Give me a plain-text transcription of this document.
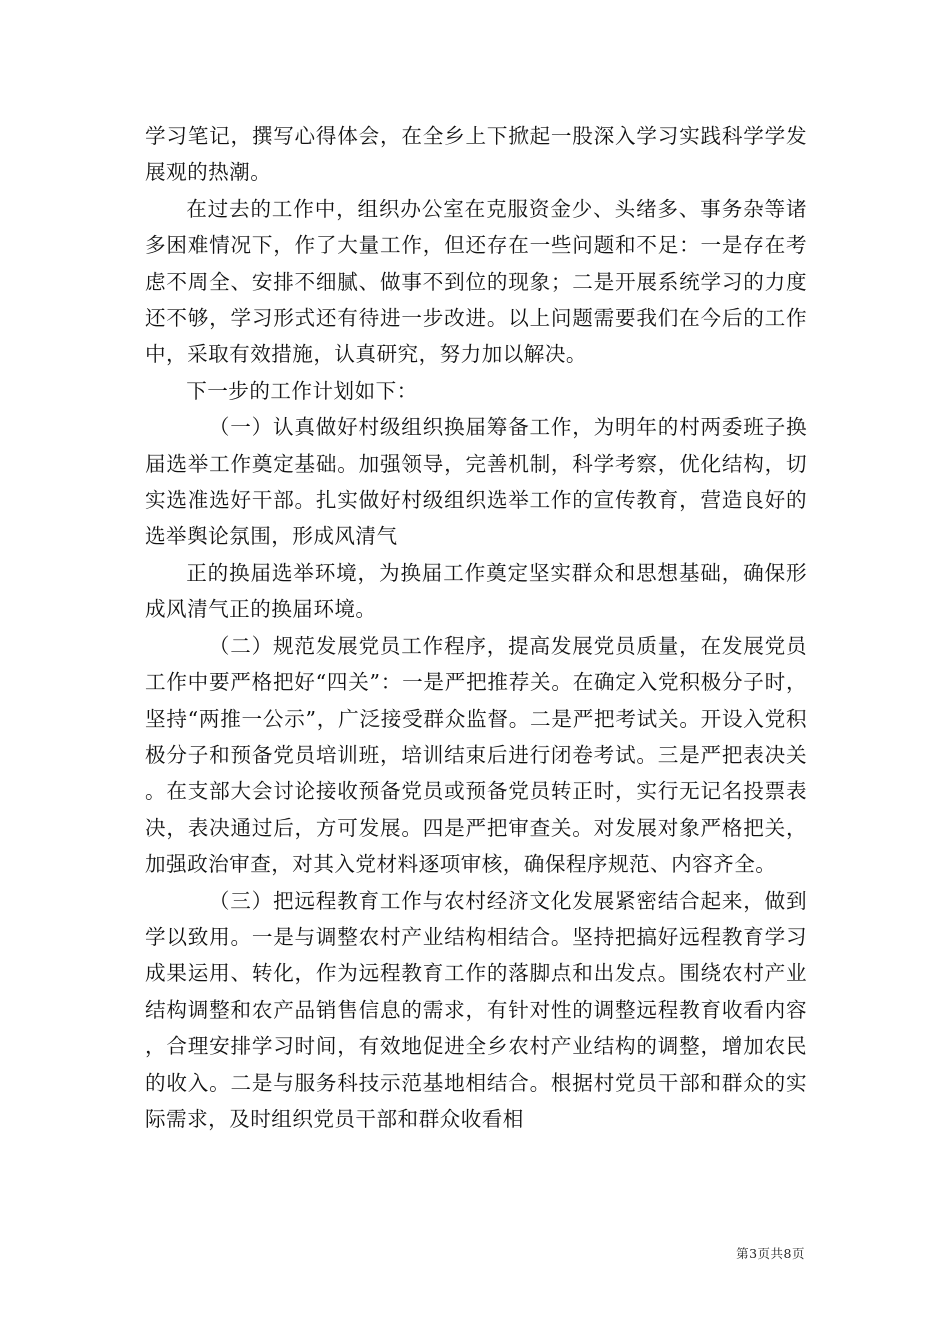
学习笔记，撰写心得体会，在全乡上下掀起一股深入学习实践科学学发展观的热潮。

在过去的工作中，组织办公室在克服资金少、头绪多、事务杂等诸多困难情况下，作了大量工作，但还存在一些问题和不足：一是存在考虑不周全、安排不细腻、做事不到位的现象；二是开展系统学习的力度还不够，学习形式还有待进一步改进。以上问题需要我们在今后的工作中，采取有效措施，认真研究，努力加以解决。

下一步的工作计划如下：

（一）认真做好村级组织换届筹备工作，为明年的村两委班子换届选举工作奠定基础。加强领导，完善机制，科学考察，优化结构，切实选准选好干部。扎实做好村级组织选举工作的宣传教育，营造良好的选举舆论氛围，形成风清气

正的换届选举环境，为换届工作奠定坚实群众和思想基础，确保形成风清气正的换届环境。

（二）规范发展党员工作程序，提高发展党员质量，在发展党员工作中要严格把好“四关”：一是严把推荐关。在确定入党积极分子时，坚持“两推一公示”，广泛接受群众监督。二是严把考试关。开设入党积极分子和预备党员培训班，培训结束后进行闭卷考试。三是严把表决关。在支部大会讨论接收预备党员或预备党员转正时，实行无记名投票表决，表决通过后，方可发展。四是严把审查关。对发展对象严格把关，加强政治审查，对其入党材料逐项审核，确保程序规范、内容齐全。

（三）把远程教育工作与农村经济文化发展紧密结合起来，做到学以致用。一是与调整农村产业结构相结合。坚持把搞好远程教育学习成果运用、转化，作为远程教育工作的落脚点和出发点。围绕农村产业结构调整和农产品销售信息的需求，有针对性的调整远程教育收看内容，合理安排学习时间，有效地促进全乡农村产业结构的调整，增加农民的收入。二是与服务科技示范基地相结合。根据村党员干部和群众的实际需求，及时组织党员干部和群众收看相

第3页共8页
